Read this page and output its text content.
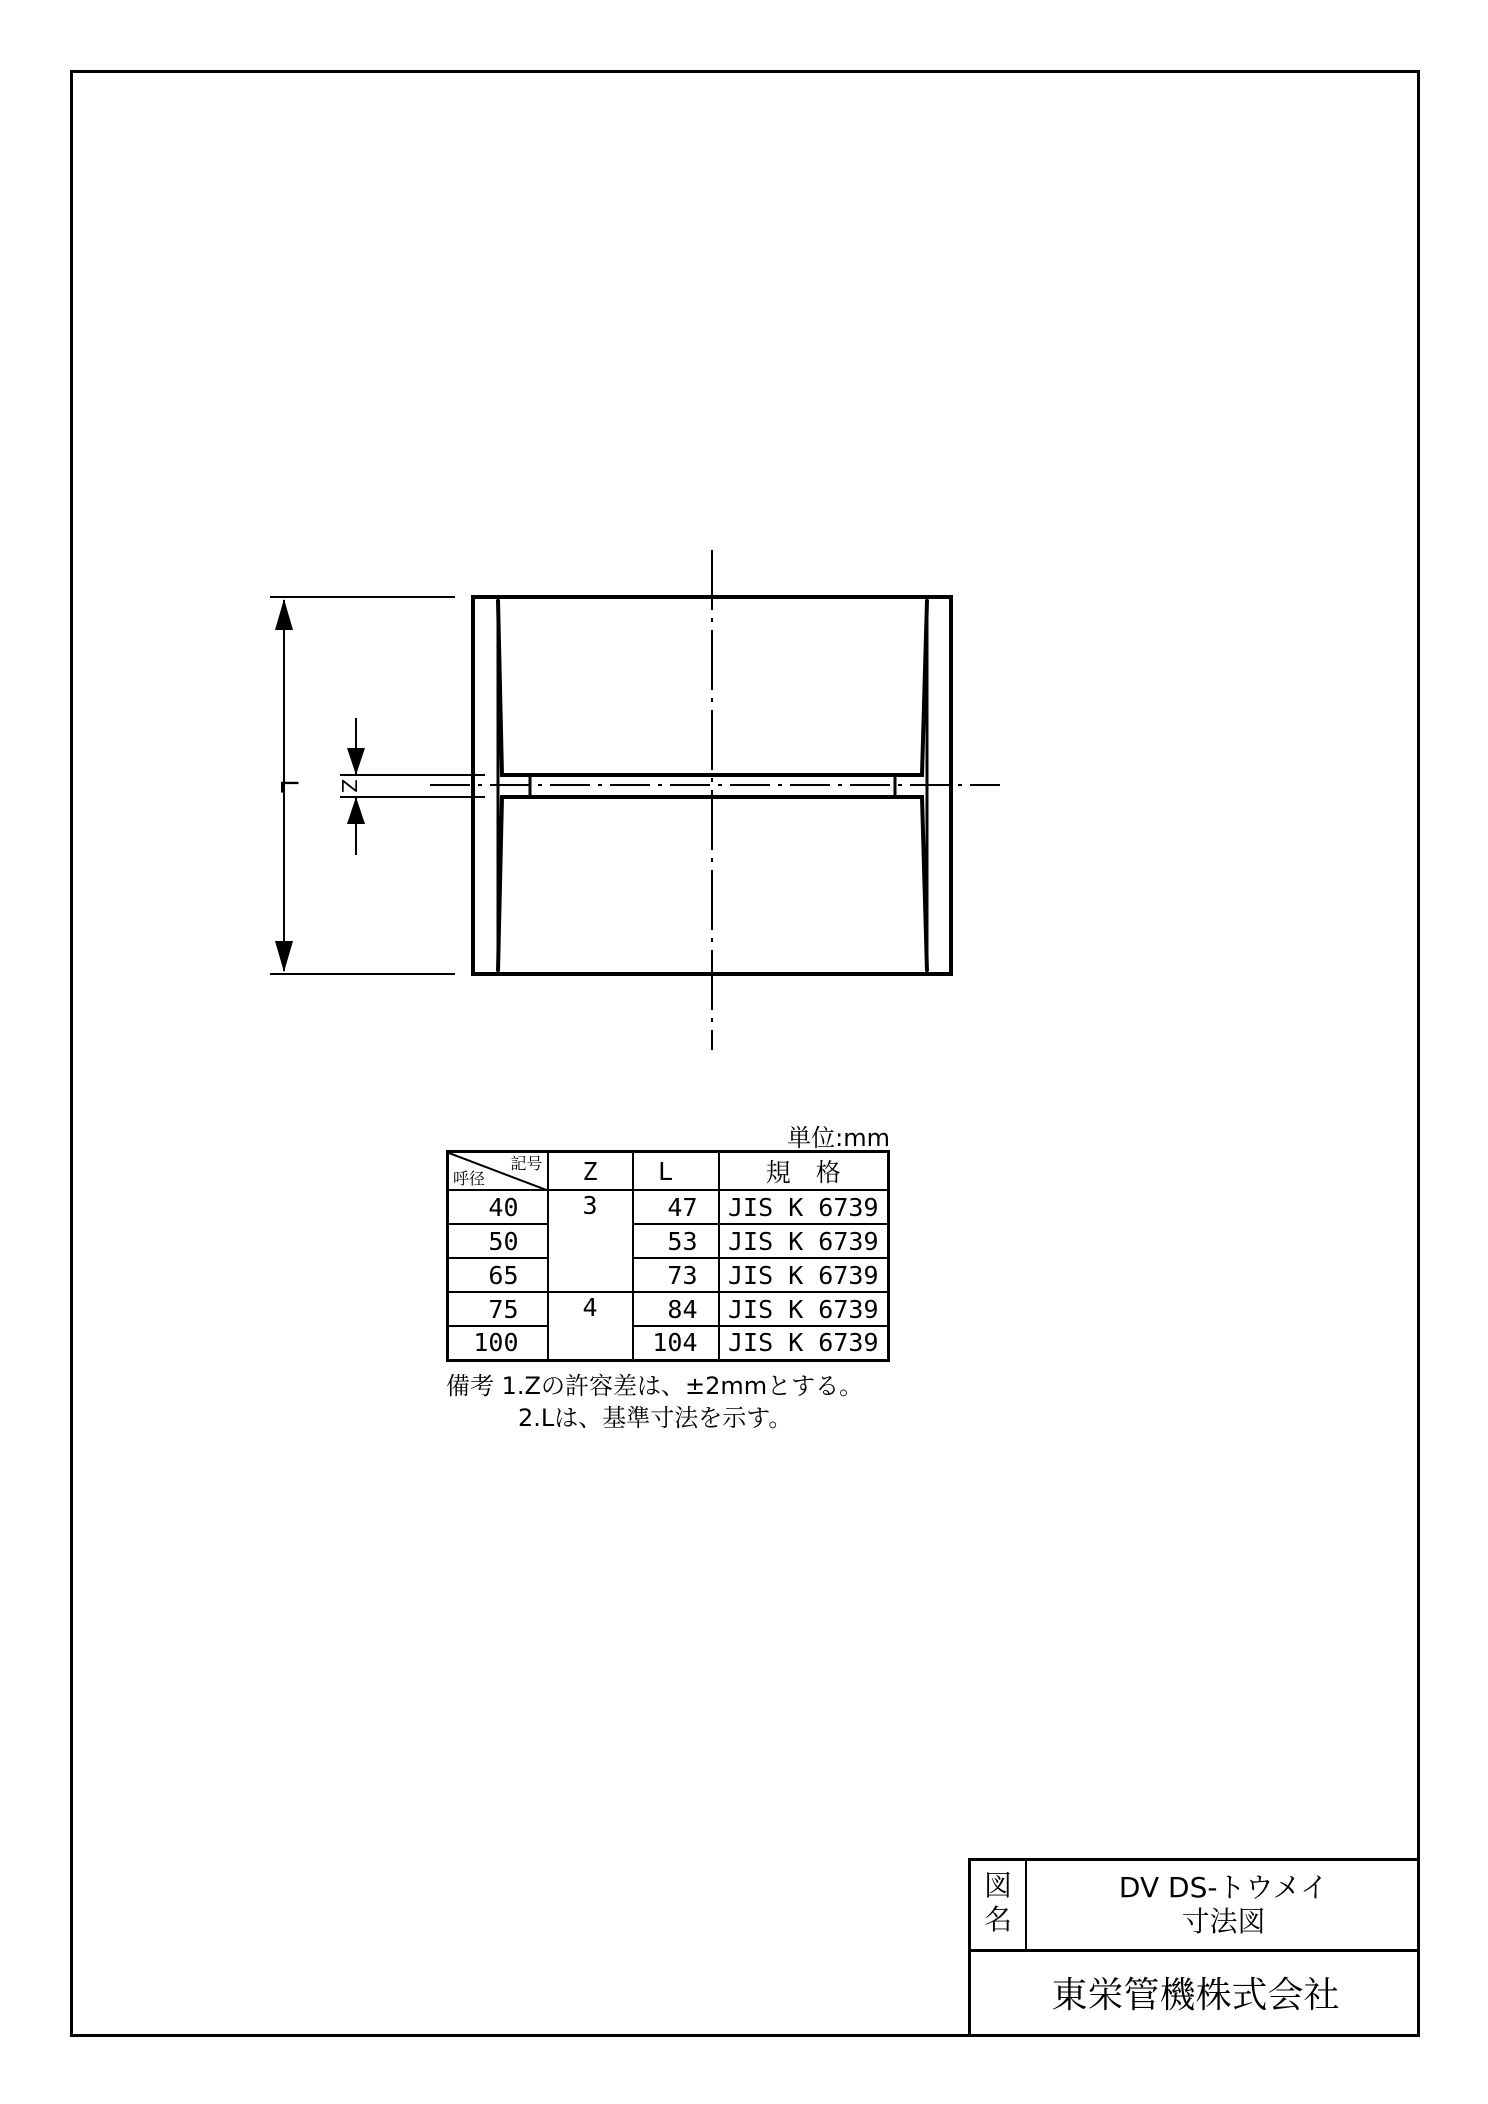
L Z
単位:mm
記号
呼径	Z	L	規　格
40	3	47	JIS K 6739
50		53	JIS K 6739
65		73	JIS K 6739
75	4	84	JIS K 6739
100		104	JIS K 6739
備考 1.Zの許容差は、±2mmとする。
2.Lは、基準寸法を示す。
図
名
DV DS-トウメイ
寸法図
東栄管機株式会社
